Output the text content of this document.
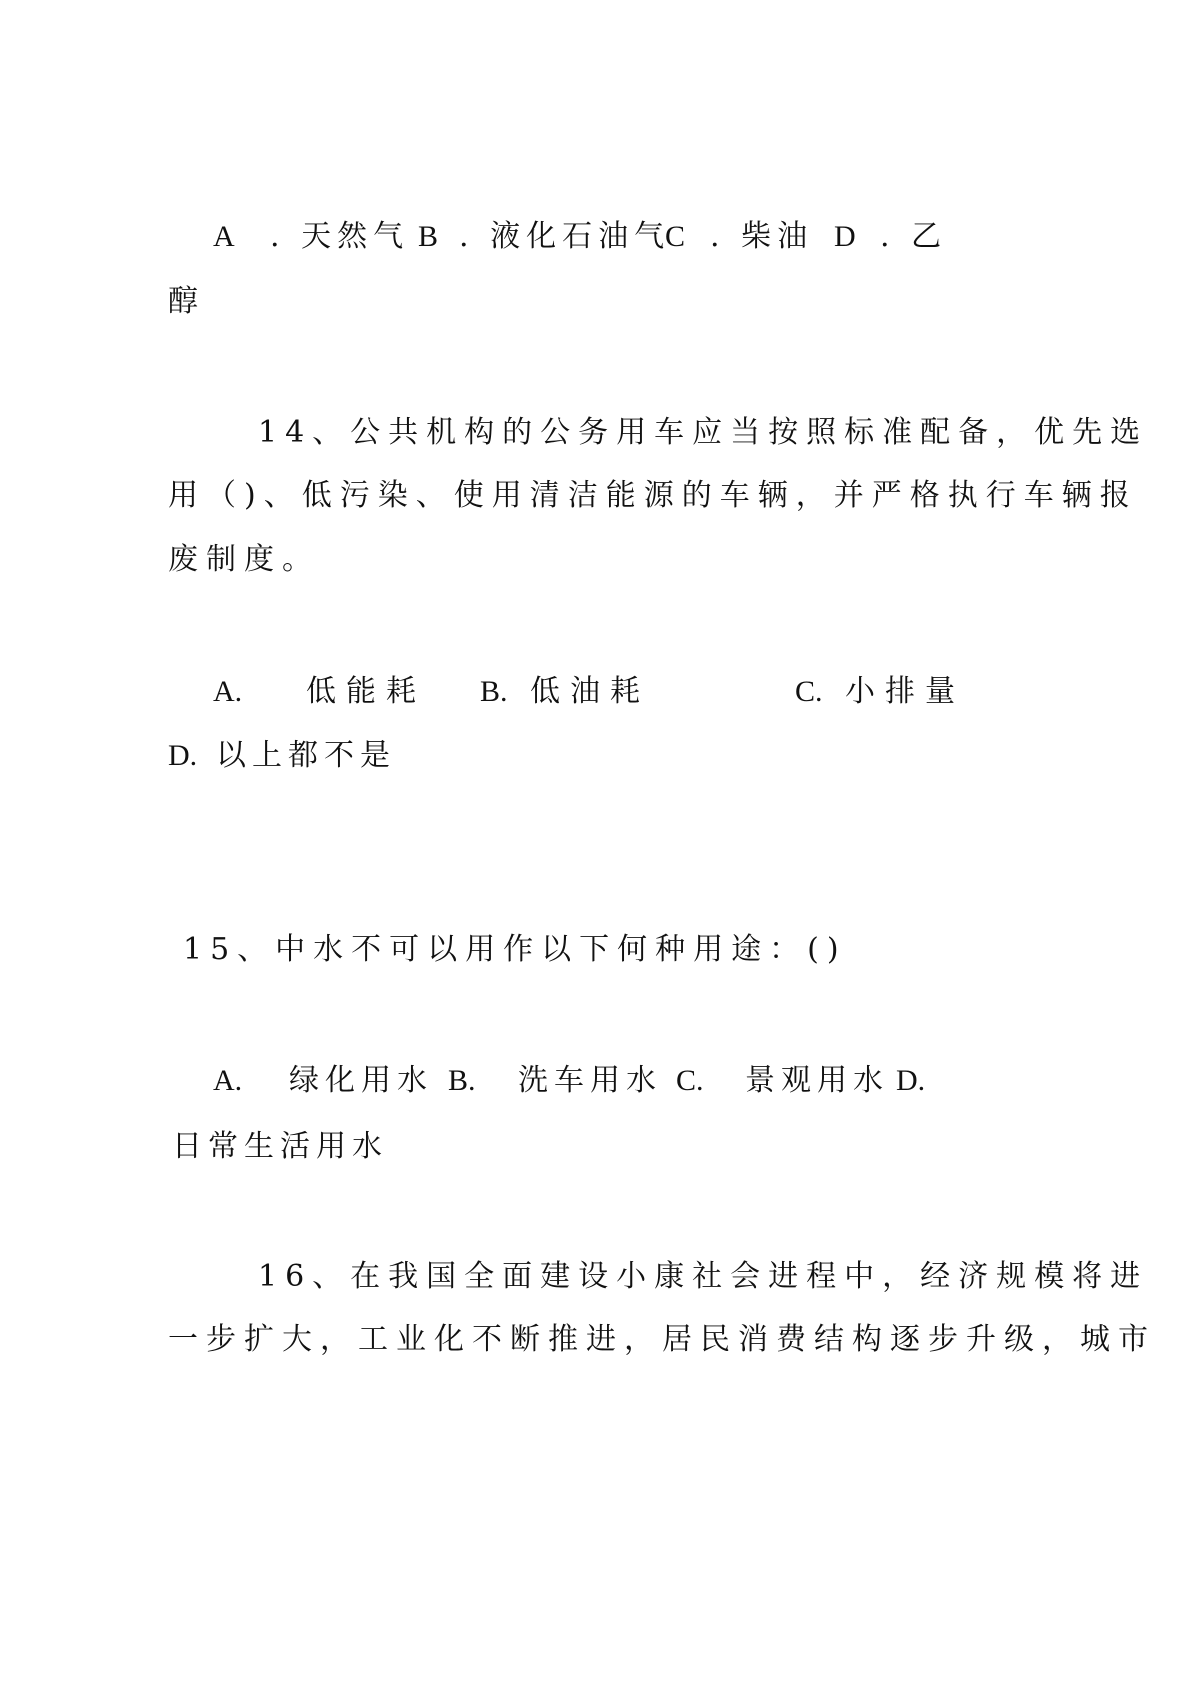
A . 天然气 B . 液化石油气
C . 柴油 D . 乙
醇
14、公共机构的公务用车应当按照标准配备，优先选
用（)、低污染、使用清洁能源的车辆，并严格执行车辆报
废制度。
A. 低能耗 B. 低油耗	C. 小排量
D. 以上都不是
15、中水不可以用作以下何种用途：()
A. 绿化用水 B. 洗车用水 C. 景观用水 D.
日常生活用水
16、在我国全面建设小康社会进程中，经济规模将进
一步扩大，工业化不断推进，居民消费结构逐步升级，城市
